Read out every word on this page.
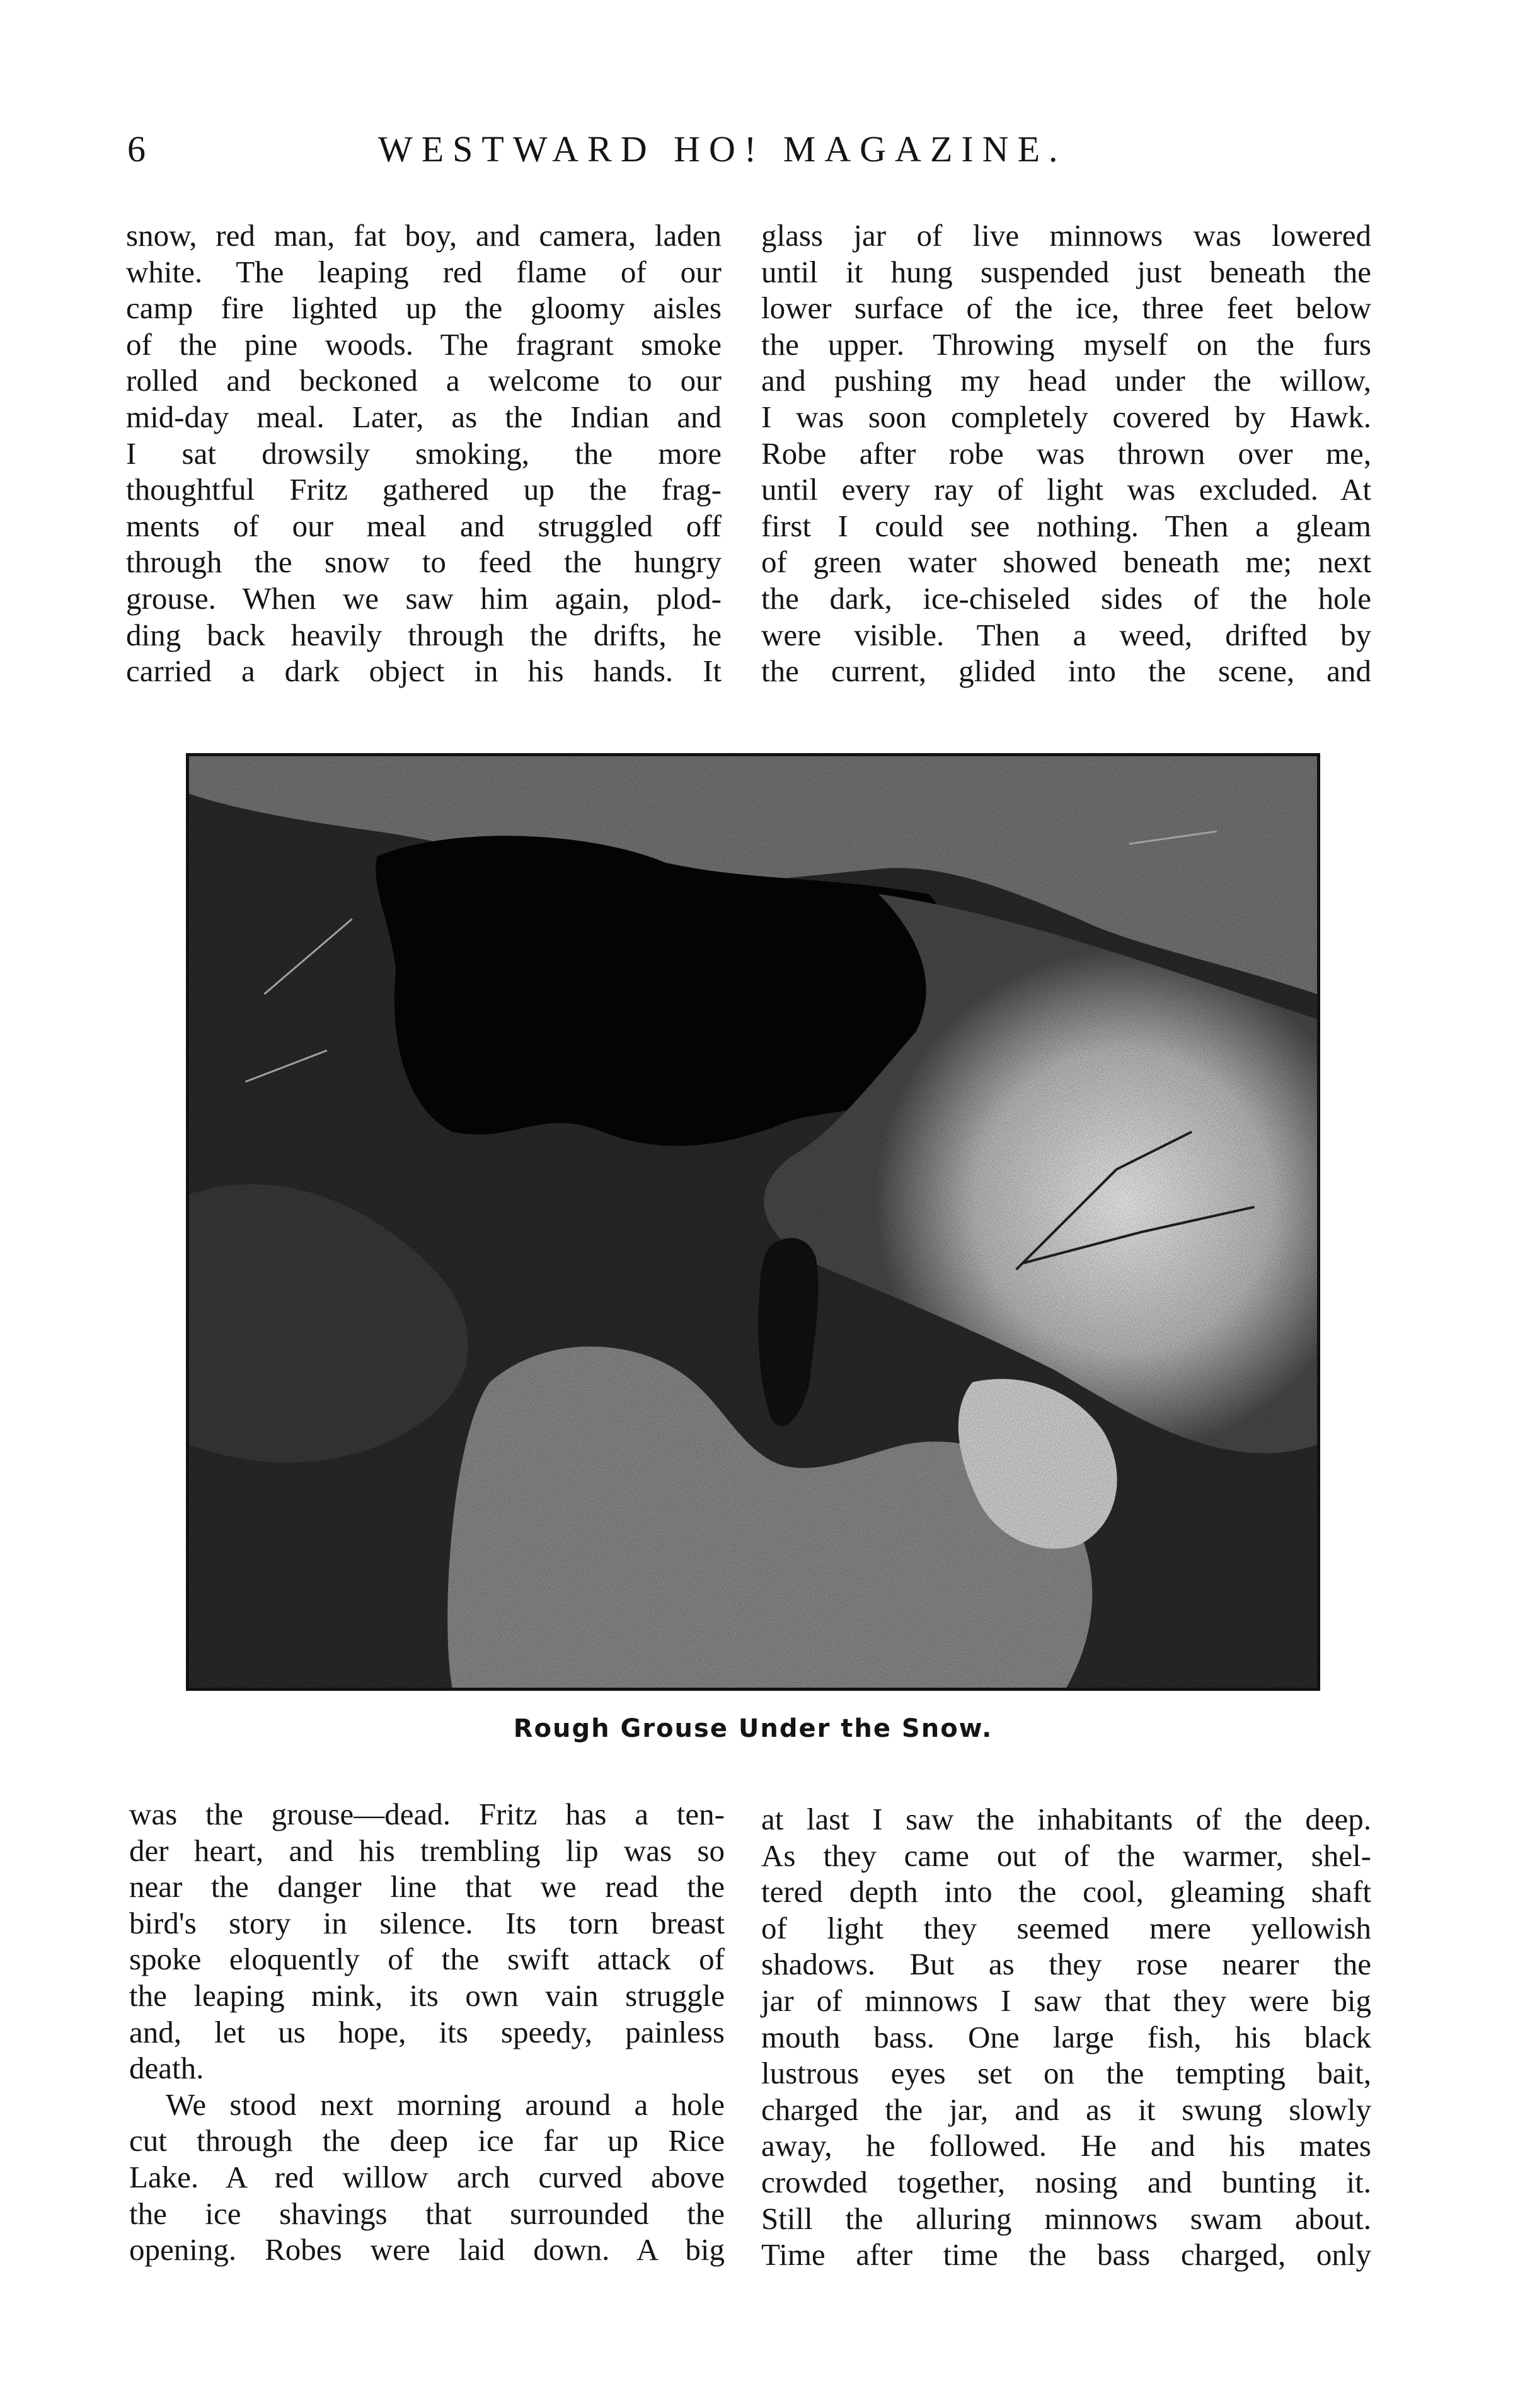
6	WESTWARD HO! MAGAZINE.
snow, red man, fat boy, and camera, laden
white. The leaping red flame of our
camp fire lighted up the gloomy aisles
of the pine woods. The fragrant smoke
rolled and beckoned a welcome to our
mid-day meal. Later, as the Indian and
I sat drowsily smoking, the more
thoughtful Fritz gathered up the frag-
ments of our meal and struggled off
through the snow to feed the hungry
grouse. When we saw him again, plod-
ding back heavily through the drifts, he
carried a dark object in his hands. It
glass jar of live minnows was lowered
until it hung suspended just beneath the
lower surface of the ice, three feet below
the upper. Throwing myself on the furs
and pushing my head under the willow,
I was soon completely covered by Hawk.
Robe after robe was thrown over me,
until every ray of light was excluded. At
first I could see nothing. Then a gleam
of green water showed beneath me; next
the dark, ice-chiseled sides of the hole
were visible. Then a weed, drifted by
the current, glided into the scene, and
Rough Grouse Under the Snow.
was the grouse—dead. Fritz has a ten-
der heart, and his trembling lip was so
near the danger line that we read the
bird's story in silence. Its torn breast
spoke eloquently of the swift attack of
the leaping mink, its own vain struggle
and, let us hope, its speedy, painless
death.
We stood next morning around a hole
cut through the deep ice far up Rice
Lake. A red willow arch curved above
the ice shavings that surrounded the
opening. Robes were laid down. A big
at last I saw the inhabitants of the deep.
As they came out of the warmer, shel-
tered depth into the cool, gleaming shaft
of light they seemed mere yellowish
shadows. But as they rose nearer the
jar of minnows I saw that they were big
mouth bass. One large fish, his black
lustrous eyes set on the tempting bait,
charged the jar, and as it swung slowly
away, he followed. He and his mates
crowded together, nosing and bunting it.
Still the alluring minnows swam about.
Time after time the bass charged, only
